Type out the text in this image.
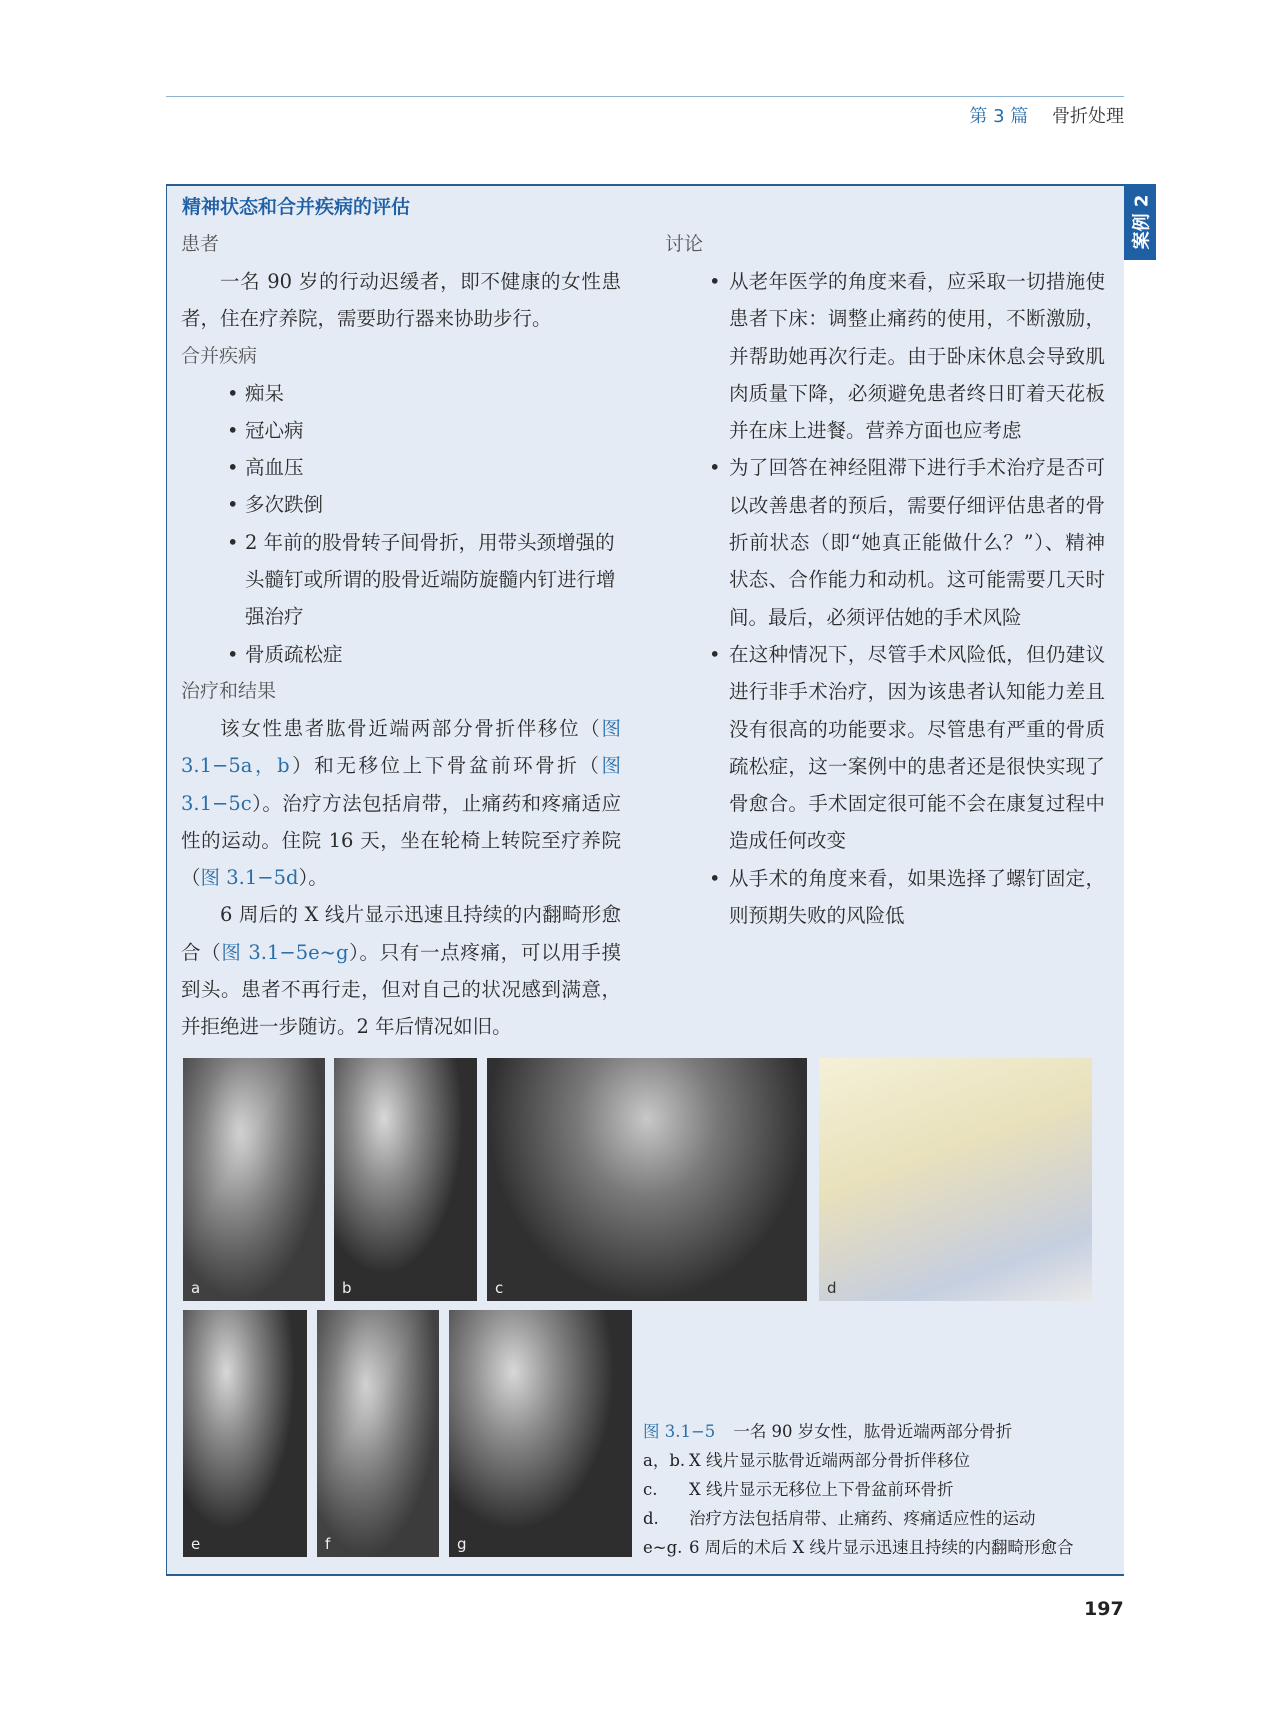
第 3 篇 骨折处理
案例 2
精神状态和合并疾病的评估

患者

一名 90 岁的行动迟缓者，即不健康的女性患者，住在疗养院，需要助行器来协助步行。

合并疾病

• 痴呆
• 冠心病
• 高血压
• 多次跌倒
• 2 年前的股骨转子间骨折，用带头颈增强的头髓钉或所谓的股骨近端防旋髓内钉进行增强治疗
• 骨质疏松症

治疗和结果

该女性患者肱骨近端两部分骨折伴移位（图 3.1−5a，b）和无移位上下骨盆前环骨折（图 3.1−5c）。治疗方法包括肩带，止痛药和疼痛适应性的运动。住院 16 天，坐在轮椅上转院至疗养院（图 3.1−5d）。

6 周后的 X 线片显示迅速且持续的内翻畸形愈合（图 3.1−5e~g）。只有一点疼痛，可以用手摸到头。患者不再行走，但对自己的状况感到满意，并拒绝进一步随访。2 年后情况如旧。

讨论

• 从老年医学的角度来看，应采取一切措施使患者下床：调整止痛药的使用，不断激励，并帮助她再次行走。由于卧床休息会导致肌肉质量下降，必须避免患者终日盯着天花板并在床上进餐。营养方面也应考虑
• 为了回答在神经阻滞下进行手术治疗是否可以改善患者的预后，需要仔细评估患者的骨折前状态（即“她真正能做什么？”）、精神状态、合作能力和动机。这可能需要几天时间。最后，必须评估她的手术风险
• 在这种情况下，尽管手术风险低，但仍建议进行非手术治疗，因为该患者认知能力差且没有很高的功能要求。尽管患有严重的骨质疏松症，这一案例中的患者还是很快实现了骨愈合。手术固定很可能不会在康复过程中造成任何改变
• 从手术的角度来看，如果选择了螺钉固定，则预期失败的风险低
a	b	c	d
e	f	g
图 3.1−5 一名 90 岁女性，肱骨近端两部分骨折
a，b. X 线片显示肱骨近端两部分骨折伴移位
c.	X 线片显示无移位上下骨盆前环骨折
d.	治疗方法包括肩带、止痛药、疼痛适应性的运动
e~g. 6 周后的术后 X 线片显示迅速且持续的内翻畸形愈合
197
